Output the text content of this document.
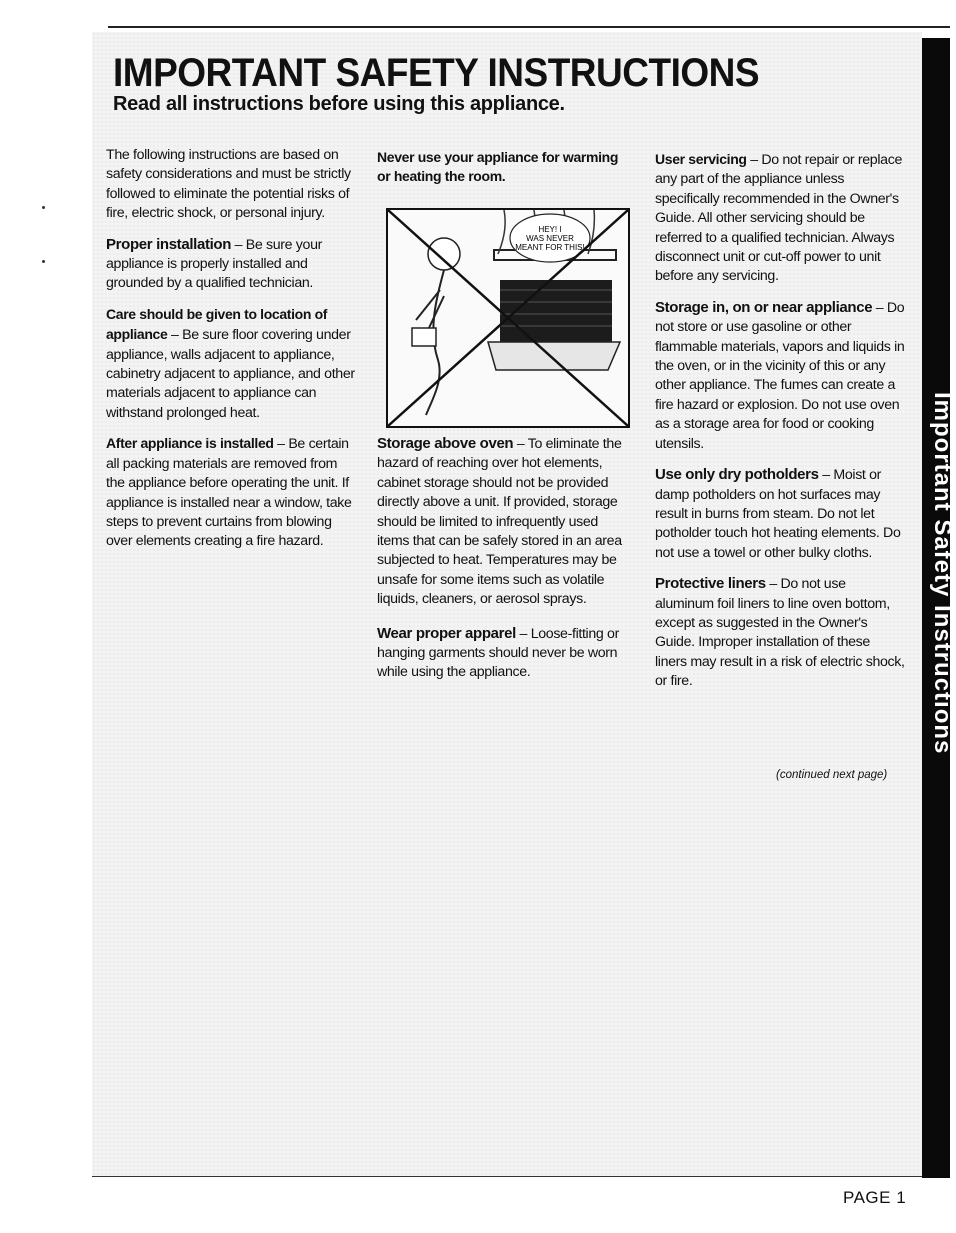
Important Safety Instructions
IMPORTANT SAFETY INSTRUCTIONS
Read all instructions before using this appliance.

The following instructions are based on safety considerations and must be strictly followed to eliminate the potential risks of fire, electric shock, or personal injury.

Proper installation – Be sure your appliance is properly installed and grounded by a qualified technician.

Care should be given to location of appliance – Be sure floor covering under appliance, walls adjacent to appliance, cabinetry adjacent to appliance, and other materials adjacent to appliance can withstand prolonged heat.

After appliance is installed – Be certain all packing materials are removed from the appliance before operating the unit. If appliance is installed near a window, take steps to prevent curtains from blowing over elements creating a fire hazard.

Never use your appliance for warming or heating the room.

HEY! I
WAS NEVER
MEANT FOR THIS!

Storage above oven – To eliminate the hazard of reaching over hot elements, cabinet storage should not be provided directly above a unit. If provided, storage should be limited to infrequently used items that can be safely stored in an area subjected to heat. Temperatures may be unsafe for some items such as volatile liquids, cleaners, or aerosol sprays.

Wear proper apparel – Loose-fitting or hanging garments should never be worn while using the appliance.

User servicing – Do not repair or replace any part of the appliance unless specifically recommended in the Owner's Guide. All other servicing should be referred to a qualified technician. Always disconnect unit or cut-off power to unit before any servicing.

Storage in, on or near appliance – Do not store or use gasoline or other flammable materials, vapors and liquids in the oven, or in the vicinity of this or any other appliance. The fumes can create a fire hazard or explosion. Do not use oven as a storage area for food or cooking utensils.

Use only dry potholders – Moist or damp potholders on hot surfaces may result in burns from steam. Do not let potholder touch hot heating elements. Do not use a towel or other bulky cloths.

Protective liners – Do not use aluminum foil liners to line oven bottom, except as suggested in the Owner's Guide. Improper installation of these liners may result in a risk of electric shock, or fire.

(continued next page)
PAGE 1
